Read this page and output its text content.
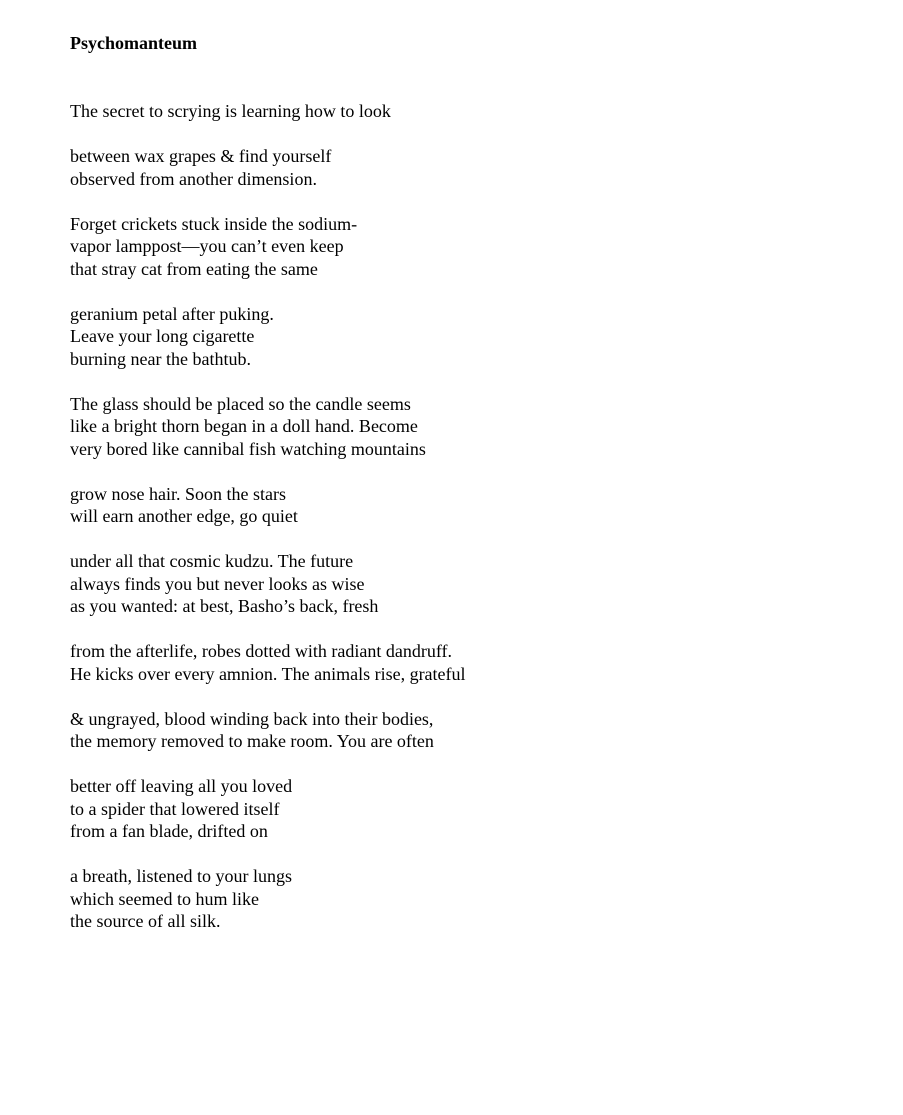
Psychomanteum
The secret to scrying is learning how to look
between wax grapes & find yourself
observed from another dimension.
Forget crickets stuck inside the sodium-
vapor lamppost—you can’t even keep
that stray cat from eating the same
geranium petal after puking.
Leave your long cigarette
burning near the bathtub.
The glass should be placed so the candle seems
like a bright thorn began in a doll hand. Become
very bored like cannibal fish watching mountains
grow nose hair. Soon the stars
will earn another edge, go quiet
under all that cosmic kudzu. The future
always finds you but never looks as wise
as you wanted: at best, Basho’s back, fresh
from the afterlife, robes dotted with radiant dandruff.
He kicks over every amnion. The animals rise, grateful
& ungrayed, blood winding back into their bodies,
the memory removed to make room. You are often
better off leaving all you loved
to a spider that lowered itself
from a fan blade, drifted on
a breath, listened to your lungs
which seemed to hum like
the source of all silk.
